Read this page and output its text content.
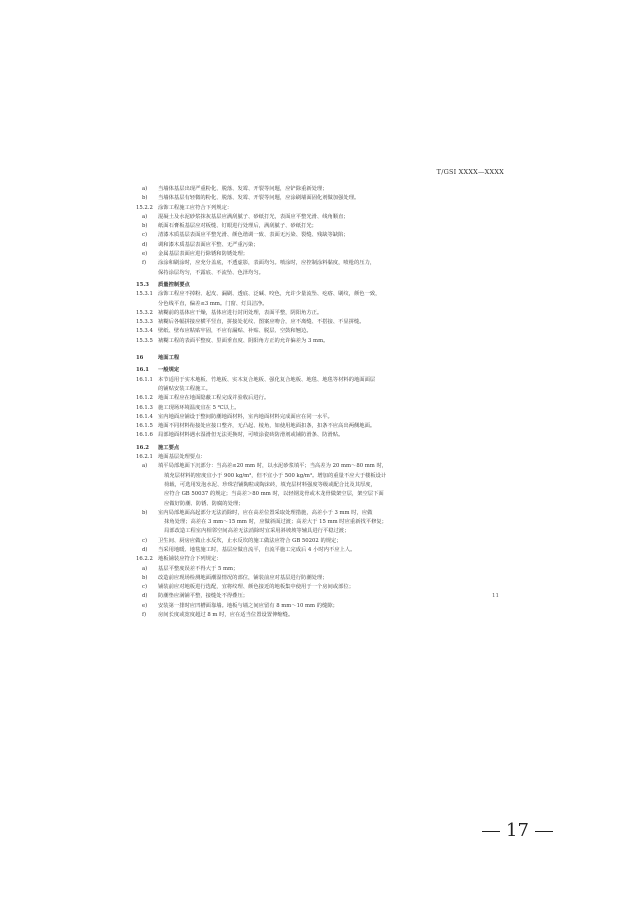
T/GSI XXXX—XXXX
a)	当墙体基层出现严重粉化、脱落、发霉、开裂等问题，应铲除重新处理；
b)	当墙体基层有轻微的粉化、脱落、发霉、开裂等问题，应涂刷墙面固化剂做加强处理。
15.2.2 涂饰工程施工应符合下列规定：
a)	混凝土及水泥砂浆抹灰基层应满刮腻子、砂纸打光，表面应平整光滑、线角顺直；
b)	纸面石膏板基层应对板缝、钉眼进行处理后，满刮腻子、砂纸打光；
c)	清漆木质基层表面应平整光滑、颜色谐调一致、表面无污染、裂缝、残缺等缺陷；
d)	调和漆木质基层表面应平整、无严重污染；
e)	金属基层表面应进行除锈和防锈处理；
f)	涂涂和刷涂时，应充分盖底，不透虚影，表面均匀。喷涂时，应控制涂料黏度，喷枪的压力，
保持涂层均匀，不露底、不流坠、色泽均匀。
15.3	质量控制要点
15.3.1 涂饰工程应不掉粉、起皮、漏刷、透底、泛碱、咬色，允许少量流坠、疙瘩、刷纹，颜色一致，
分色线平直，偏差≤3 mm。门窗、灯具洁净。
15.3.2 裱糊前的基体应干燥，基体应进行封闭处理，表面平整，阴阳角方正。
15.3.3 裱糊后各幅拼接应横平竖直，拼接处花纹、图案应吻合，应不离缝、不搭接、不显拼缝。
15.3.4 壁纸、壁布应粘贴牢固，不应有漏贴、补贴、脱层、空鼓和翘边。
15.3.5 裱糊工程的表面平整度、里面垂直度、阴阳角方正的允许偏差为 3 mm。
16	地面工程
16.1	一般规定
16.1.1 本节适用于实木地板、竹地板、实木复合地板、强化复合地板、地毯、地毯等材料的地面面层
的铺贴安装工程施工。
16.1.2 地面工程应在地面隐蔽工程完成并验收后进行。
16.1.3 施工现场环境温度宜在 5 ℃以上。
16.1.4 室内地面应铺设于整间防潮地面材料，室内地面材料完成面应在同一水平。
16.1.5 地面不同材料衔接处应接口整齐，无凸起、棱角，如使用地面扣条，扣条不应高出两侧地面。
16.1.6 局部地面材料遇水湿滑但无法更换时，可喷涂瓷砖防滑剂或铺防滑条、防滑贴。
16.2	施工要点
16.2.1 地面基层处理要点：
a)	填平局部地面下沉部分：当高差≤20 mm 时，以水泥砂浆填平；当高差为 20 mm～80 mm 时，
填充层材料的密度宜小于 900 kg/m³，但不宜小于 500 kg/m³。增加的重量不应大于楼板设计
荷载，可选用发泡水泥、珍珠岩铺陶粒或陶沫砖，填充层材料强度等级或配合比及其厚度，
应符合 GB 50037 的规定；当高差＞80 mm 时，以轻钢龙骨或木龙骨做架空层，架空层下面
应做好防潮、防锈、防腐的处理；
b)	室内局部地面高起部分无法消除时，应在高差位置采取处理措施，高差小于 3 mm 时，应做
抹角处理；高差在 3 mm～15 mm 时，应做斜面过渡；高差大于 15 mm 时应重新找平修复；
局部改造工程室内相邻空间高差无法消除时宜采用斜坡坡等辅具进行平稳过渡；
c)	卫生间、厨房应做止水反坎，止水反坎的施工做法应符合 GB 50202 的规定；
d)	当采用地暖、地毯施工时，基层应做自流平，自流平施工完成后 4 小时内不应上人。
16.2.2 地板铺装应符合下列规定：
a)	基层平整度误差不得大于 5 mm；
b)	改造前应现场检测地面潮湿情况的部位，铺装前应对基层进行防潮处理；
c)	铺装前应对地板进行选配，宜将纹理、颜色接近的地板集中使用于一个房间或部位；
d)	防潮垫应满铺平整，接缝处不得叠压；
e)	安装第一排时应凹槽面靠墙。地板与墙之间应留有 8 mm～10 mm 的缝隙；
f)	房间长度或宽度超过 8 m 时，应在适当位置设置伸缩缝。
11
17
